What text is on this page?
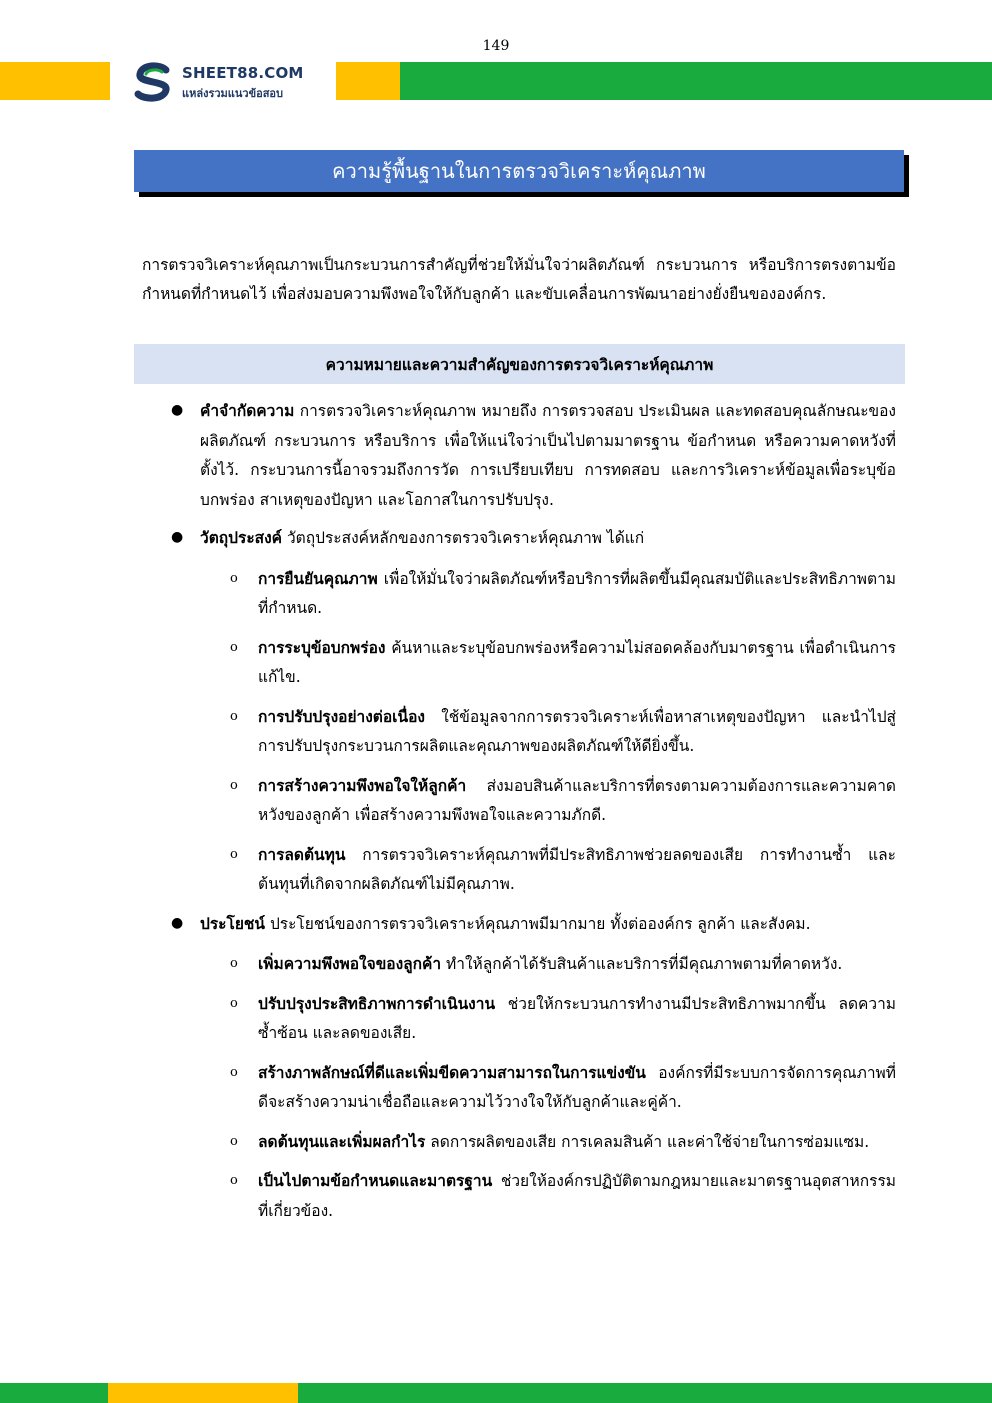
149
SHEET88.COM
แหล่งรวมแนวข้อสอบ
ความรู้พื้นฐานในการตรวจวิเคราะห์คุณภาพ

การตรวจวิเคราะห์คุณภาพเป็นกระบวนการสำคัญที่ช่วยให้มั่นใจว่าผลิตภัณฑ์ กระบวนการ หรือบริการตรงตามข้อกำหนดที่กำหนดไว้ เพื่อส่งมอบความพึงพอใจให้กับลูกค้า และขับเคลื่อนการพัฒนาอย่างยั่งยืนขององค์กร.

ความหมายและความสำคัญของการตรวจวิเคราะห์คุณภาพ
● คำจำกัดความ การตรวจวิเคราะห์คุณภาพ หมายถึง การตรวจสอบ ประเมินผล และทดสอบคุณลักษณะของผลิตภัณฑ์ กระบวนการ หรือบริการ เพื่อให้แน่ใจว่าเป็นไปตามมาตรฐาน ข้อกำหนด หรือความคาดหวังที่ตั้งไว้. กระบวนการนี้อาจรวมถึงการวัด การเปรียบเทียบ การทดสอบ และการวิเคราะห์ข้อมูลเพื่อระบุข้อบกพร่อง สาเหตุของปัญหา และโอกาสในการปรับปรุง.
● วัตถุประสงค์ วัตถุประสงค์หลักของการตรวจวิเคราะห์คุณภาพ ได้แก่
o การยืนยันคุณภาพ เพื่อให้มั่นใจว่าผลิตภัณฑ์หรือบริการที่ผลิตขึ้นมีคุณสมบัติและประสิทธิภาพตามที่กำหนด.
o การระบุข้อบกพร่อง ค้นหาและระบุข้อบกพร่องหรือความไม่สอดคล้องกับมาตรฐาน เพื่อดำเนินการแก้ไข.
o การปรับปรุงอย่างต่อเนื่อง ใช้ข้อมูลจากการตรวจวิเคราะห์เพื่อหาสาเหตุของปัญหา และนำไปสู่การปรับปรุงกระบวนการผลิตและคุณภาพของผลิตภัณฑ์ให้ดียิ่งขึ้น.
o การสร้างความพึงพอใจให้ลูกค้า ส่งมอบสินค้าและบริการที่ตรงตามความต้องการและความคาดหวังของลูกค้า เพื่อสร้างความพึงพอใจและความภักดี.
o การลดต้นทุน การตรวจวิเคราะห์คุณภาพที่มีประสิทธิภาพช่วยลดของเสีย การทำงานซ้ำ และต้นทุนที่เกิดจากผลิตภัณฑ์ไม่มีคุณภาพ.
● ประโยชน์ ประโยชน์ของการตรวจวิเคราะห์คุณภาพมีมากมาย ทั้งต่อองค์กร ลูกค้า และสังคม.
o เพิ่มความพึงพอใจของลูกค้า ทำให้ลูกค้าได้รับสินค้าและบริการที่มีคุณภาพตามที่คาดหวัง.
o ปรับปรุงประสิทธิภาพการดำเนินงาน ช่วยให้กระบวนการทำงานมีประสิทธิภาพมากขึ้น ลดความซ้ำซ้อน และลดของเสีย.
o สร้างภาพลักษณ์ที่ดีและเพิ่มขีดความสามารถในการแข่งขัน องค์กรที่มีระบบการจัดการคุณภาพที่ดีจะสร้างความน่าเชื่อถือและความไว้วางใจให้กับลูกค้าและคู่ค้า.
o ลดต้นทุนและเพิ่มผลกำไร ลดการผลิตของเสีย การเคลมสินค้า และค่าใช้จ่ายในการซ่อมแซม.
o เป็นไปตามข้อกำหนดและมาตรฐาน ช่วยให้องค์กรปฏิบัติตามกฎหมายและมาตรฐานอุตสาหกรรมที่เกี่ยวข้อง.
